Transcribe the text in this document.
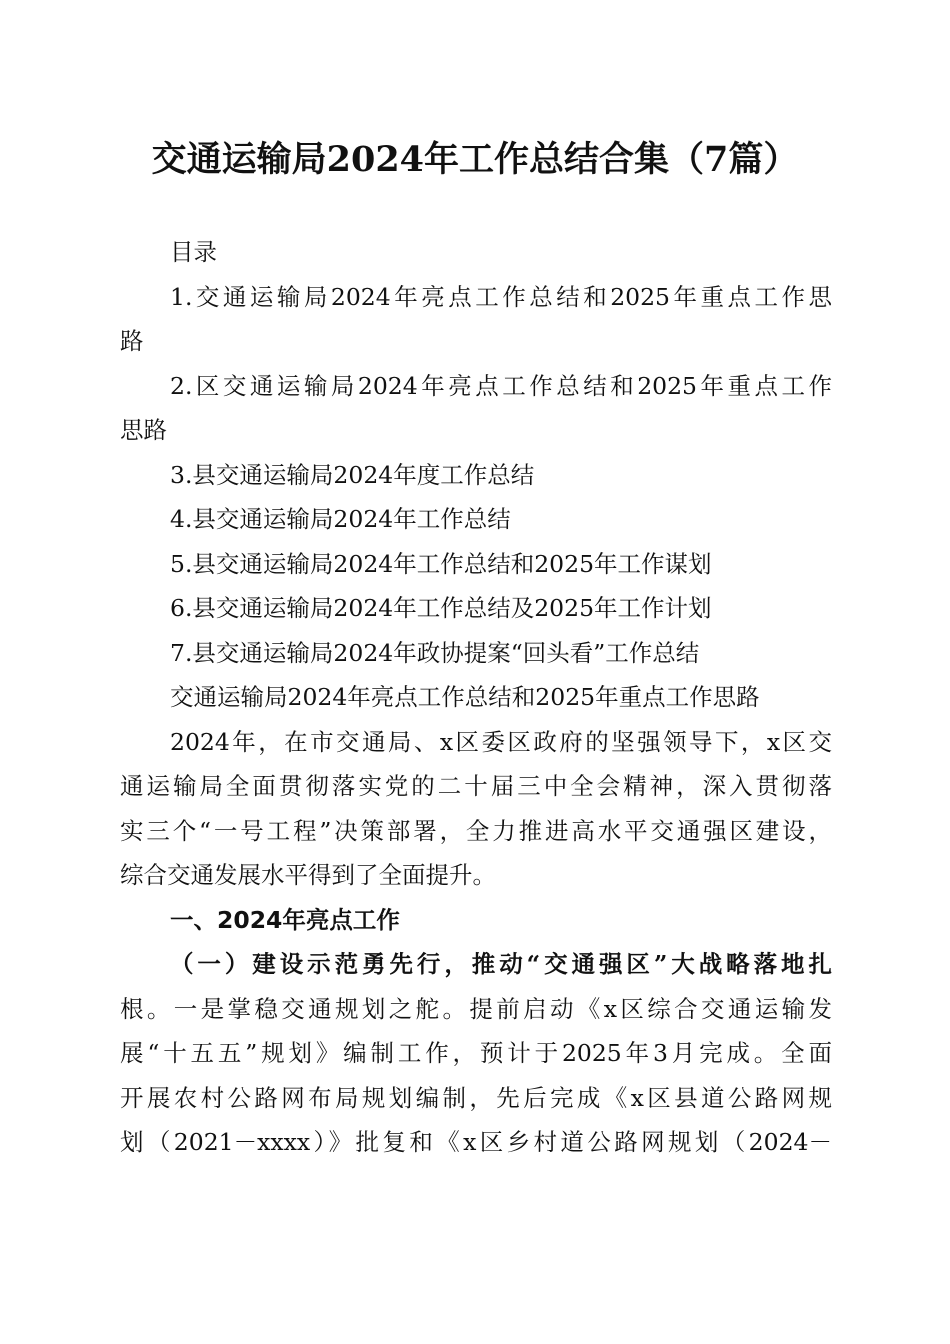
交通运输局2024年工作总结合集（7篇）
目录
1.交通运输局2024年亮点工作总结和2025年重点工作思
路
2.区交通运输局2024年亮点工作总结和2025年重点工作
思路
3.县交通运输局2024年度工作总结
4.县交通运输局2024年工作总结
5.县交通运输局2024年工作总结和2025年工作谋划
6.县交通运输局2024年工作总结及2025年工作计划
7.县交通运输局2024年政协提案“回头看”工作总结
交通运输局2024年亮点工作总结和2025年重点工作思路
2024年，在市交通局、x区委区政府的坚强领导下，x区交
通运输局全面贯彻落实党的二十届三中全会精神，深入贯彻落
实三个“一号工程”决策部署，全力推进高水平交通强区建设，
综合交通发展水平得到了全面提升。
一、2024年亮点工作
（一）建设示范勇先行，推动“交通强区”大战略落地扎
根。一是掌稳交通规划之舵。提前启动《x区综合交通运输发
展“十五五”规划》编制工作，预计于2025年3月完成。全面
开展农村公路网布局规划编制，先后完成《x区县道公路网规
划（2021－xxxx）》批复和《x区乡村道公路网规划（2024－
